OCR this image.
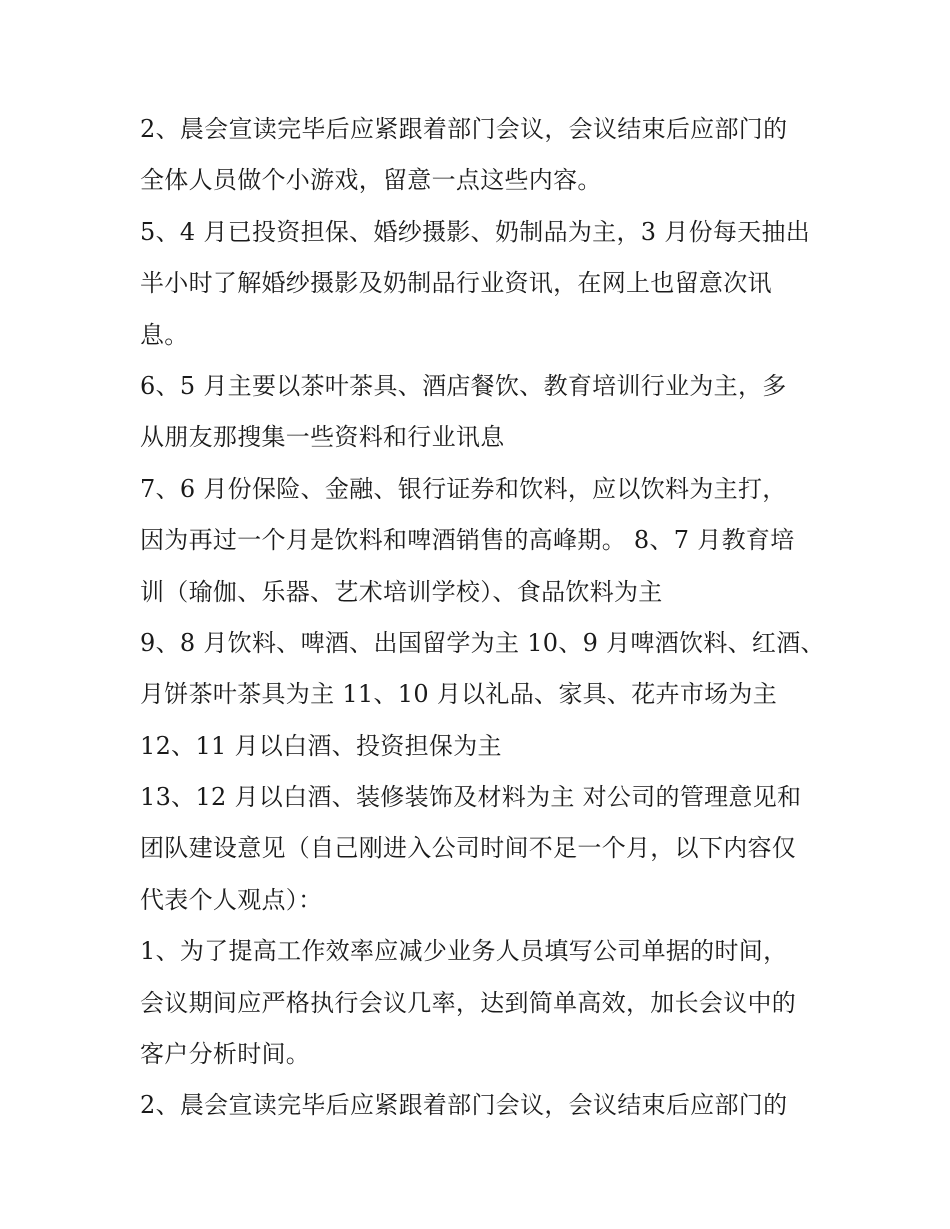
2、晨会宣读完毕后应紧跟着部门会议，会议结束后应部门的
全体人员做个小游戏，留意一点这些内容。
5、4 月已投资担保、婚纱摄影、奶制品为主，3 月份每天抽出
半小时了解婚纱摄影及奶制品行业资讯，在网上也留意次讯
息。
6、5 月主要以茶叶茶具、酒店餐饮、教育培训行业为主，多
从朋友那搜集一些资料和行业讯息
7、6 月份保险、金融、银行证券和饮料，应以饮料为主打，
因为再过一个月是饮料和啤酒销售的高峰期。 8、7 月教育培
训（瑜伽、乐器、艺术培训学校）、食品饮料为主
9、8 月饮料、啤酒、出国留学为主 10、9 月啤酒饮料、红酒、
月饼茶叶茶具为主 11、10 月以礼品、家具、花卉市场为主
12、11 月以白酒、投资担保为主
13、12 月以白酒、装修装饰及材料为主 对公司的管理意见和
团队建设意见（自己刚进入公司时间不足一个月，以下内容仅
代表个人观点）：
1、为了提高工作效率应减少业务人员填写公司单据的时间，
会议期间应严格执行会议几率，达到简单高效，加长会议中的
客户分析时间。
2、晨会宣读完毕后应紧跟着部门会议，会议结束后应部门的
